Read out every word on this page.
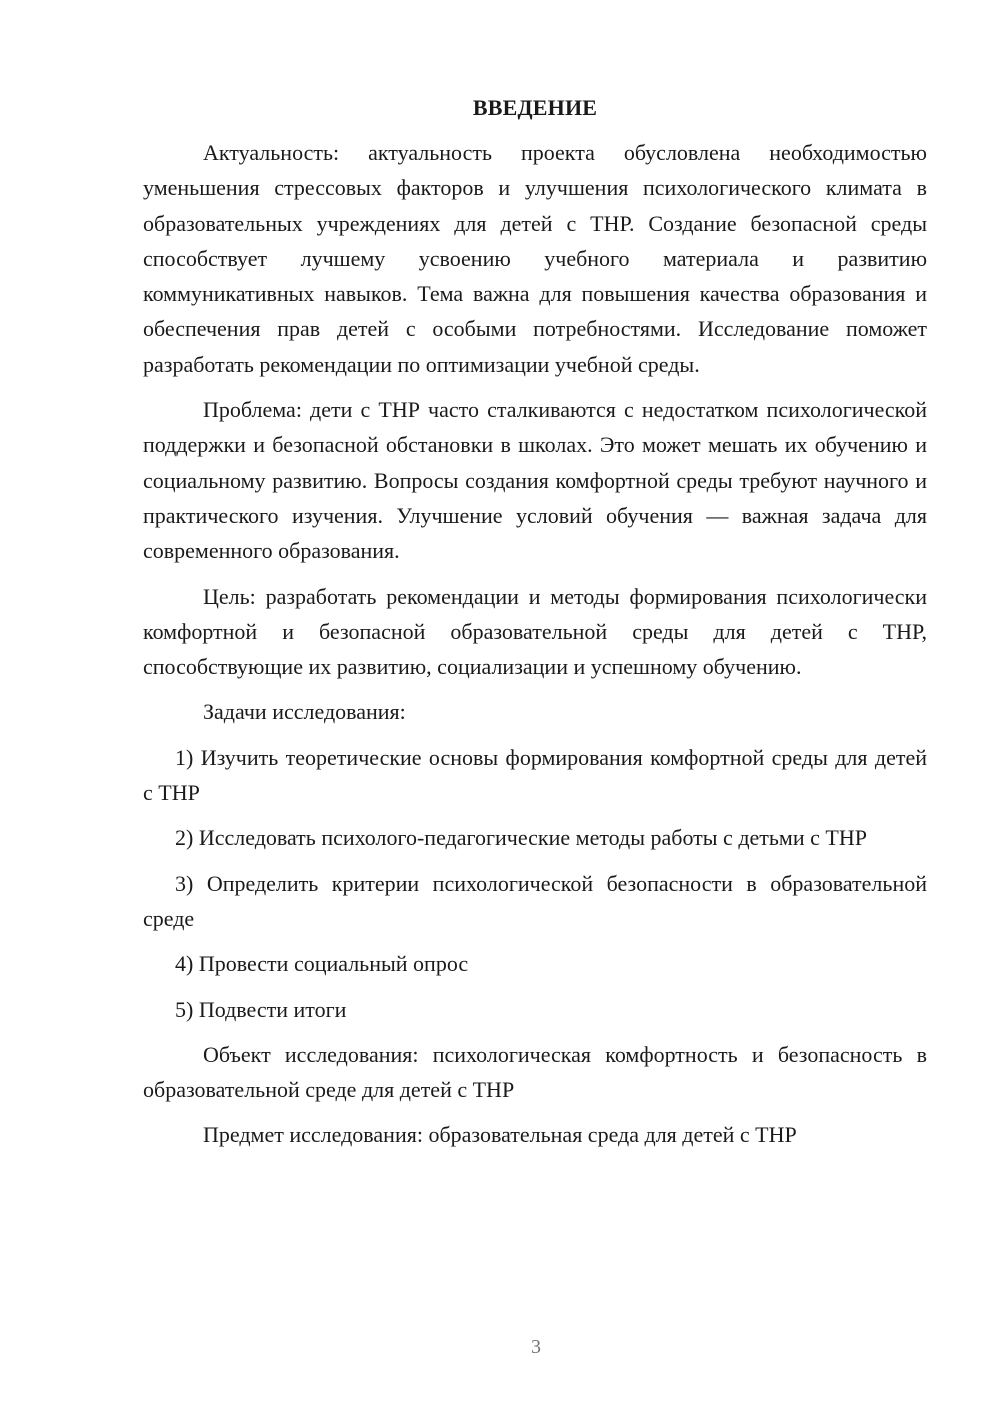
ВВЕДЕНИЕ

Актуальность: актуальность проекта обусловлена необходимостью уменьшения стрессовых факторов и улучшения психологического климата в образовательных учреждениях для детей с ТНР. Создание безопасной среды способствует лучшему усвоению учебного материала и развитию коммуникативных навыков. Тема важна для повышения качества образования и обеспечения прав детей с особыми потребностями. Исследование поможет разработать рекомендации по оптимизации учебной среды.

Проблема: дети с ТНР часто сталкиваются с недостатком психологической поддержки и безопасной обстановки в школах. Это может мешать их обучению и социальному развитию. Вопросы создания комфортной среды требуют научного и практического изучения. Улучшение условий обучения — важная задача для современного образования.

Цель: разработать рекомендации и методы формирования психологически комфортной и безопасной образовательной среды для детей с ТНР, способствующие их развитию, социализации и успешному обучению.

Задачи исследования:

1) Изучить теоретические основы формирования комфортной среды для детей с ТНР

2) Исследовать психолого-педагогические методы работы с детьми с ТНР

3) Определить критерии психологической безопасности в образовательной среде

4) Провести социальный опрос

5) Подвести итоги

Объект исследования: психологическая комфортность и безопасность в образовательной среде для детей с ТНР

Предмет исследования: образовательная среда для детей с ТНР

3
